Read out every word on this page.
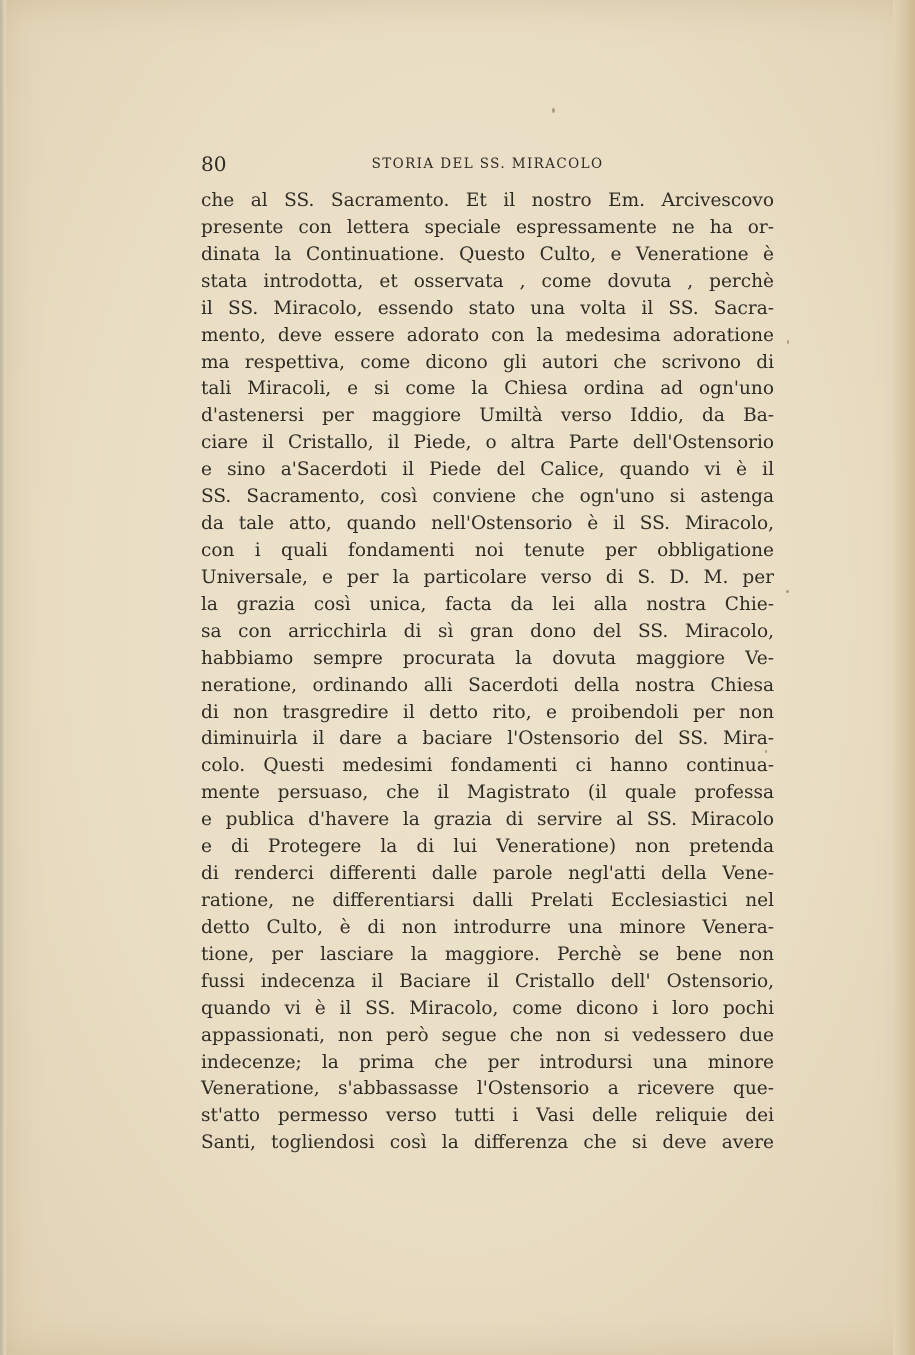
80	STORIA DEL SS. MIRACOLO
che al SS. Sacramento. Et il nostro Em. Arcivescovo
presente con lettera speciale espressamente ne ha or-
dinata la Continuatione. Questo Culto, e Veneratione è
stata introdotta, et osservata , come dovuta , perchè
il SS. Miracolo, essendo stato una volta il SS. Sacra-
mento, deve essere adorato con la medesima adoratione
ma respettiva, come dicono gli autori che scrivono di
tali Miracoli, e si come la Chiesa ordina ad ogn'uno
d'astenersi per maggiore Umiltà verso Iddio, da Ba-
ciare il Cristallo, il Piede, o altra Parte dell'Ostensorio
e sino a'Sacerdoti il Piede del Calice, quando vi è il
SS. Sacramento, così conviene che ogn'uno si astenga
da tale atto, quando nell'Ostensorio è il SS. Miracolo,
con i quali fondamenti noi tenute per obbligatione
Universale, e per la particolare verso di S. D. M. per
la grazia così unica, facta da lei alla nostra Chie-
sa con arricchirla di sì gran dono del SS. Miracolo,
habbiamo sempre procurata la dovuta maggiore Ve-
neratione, ordinando alli Sacerdoti della nostra Chiesa
di non trasgredire il detto rito, e proibendoli per non
diminuirla il dare a baciare l'Ostensorio del SS. Mira-
colo. Questi medesimi fondamenti ci hanno continua-
mente persuaso, che il Magistrato (il quale professa
e publica d'havere la grazia di servire al SS. Miracolo
e di Protegere la di lui Veneratione) non pretenda
di renderci differenti dalle parole negl'atti della Vene-
ratione, ne differentiarsi dalli Prelati Ecclesiastici nel
detto Culto, è di non introdurre una minore Venera-
tione, per lasciare la maggiore. Perchè se bene non
fussi indecenza il Baciare il Cristallo dell' Ostensorio,
quando vi è il SS. Miracolo, come dicono i loro pochi
appassionati, non però segue che non si vedessero due
indecenze; la prima che per introdursi una minore
Veneratione, s'abbassasse l'Ostensorio a ricevere que-
st'atto permesso verso tutti i Vasi delle reliquie dei
Santi, togliendosi così la differenza che si deve avere
